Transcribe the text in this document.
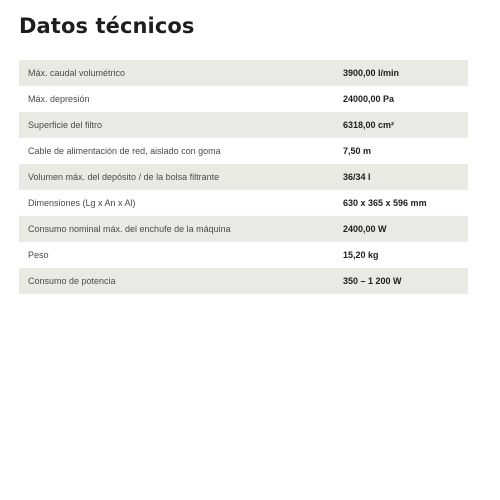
Datos técnicos
Máx. caudal volumétrico	3900,00 l/min
Máx. depresión	24000,00 Pa
Superficie del filtro	6318,00 cm²
Cable de alimentación de red, aislado con goma	7,50 m
Volumen máx. del depósito / de la bolsa filtrante	36/34 l
Dimensiones (Lg x An x Al)	630 x 365 x 596 mm
Consumo nominal máx. del enchufe de la máquina	2400,00 W
Peso	15,20 kg
Consumo de potencia	350 – 1 200 W
